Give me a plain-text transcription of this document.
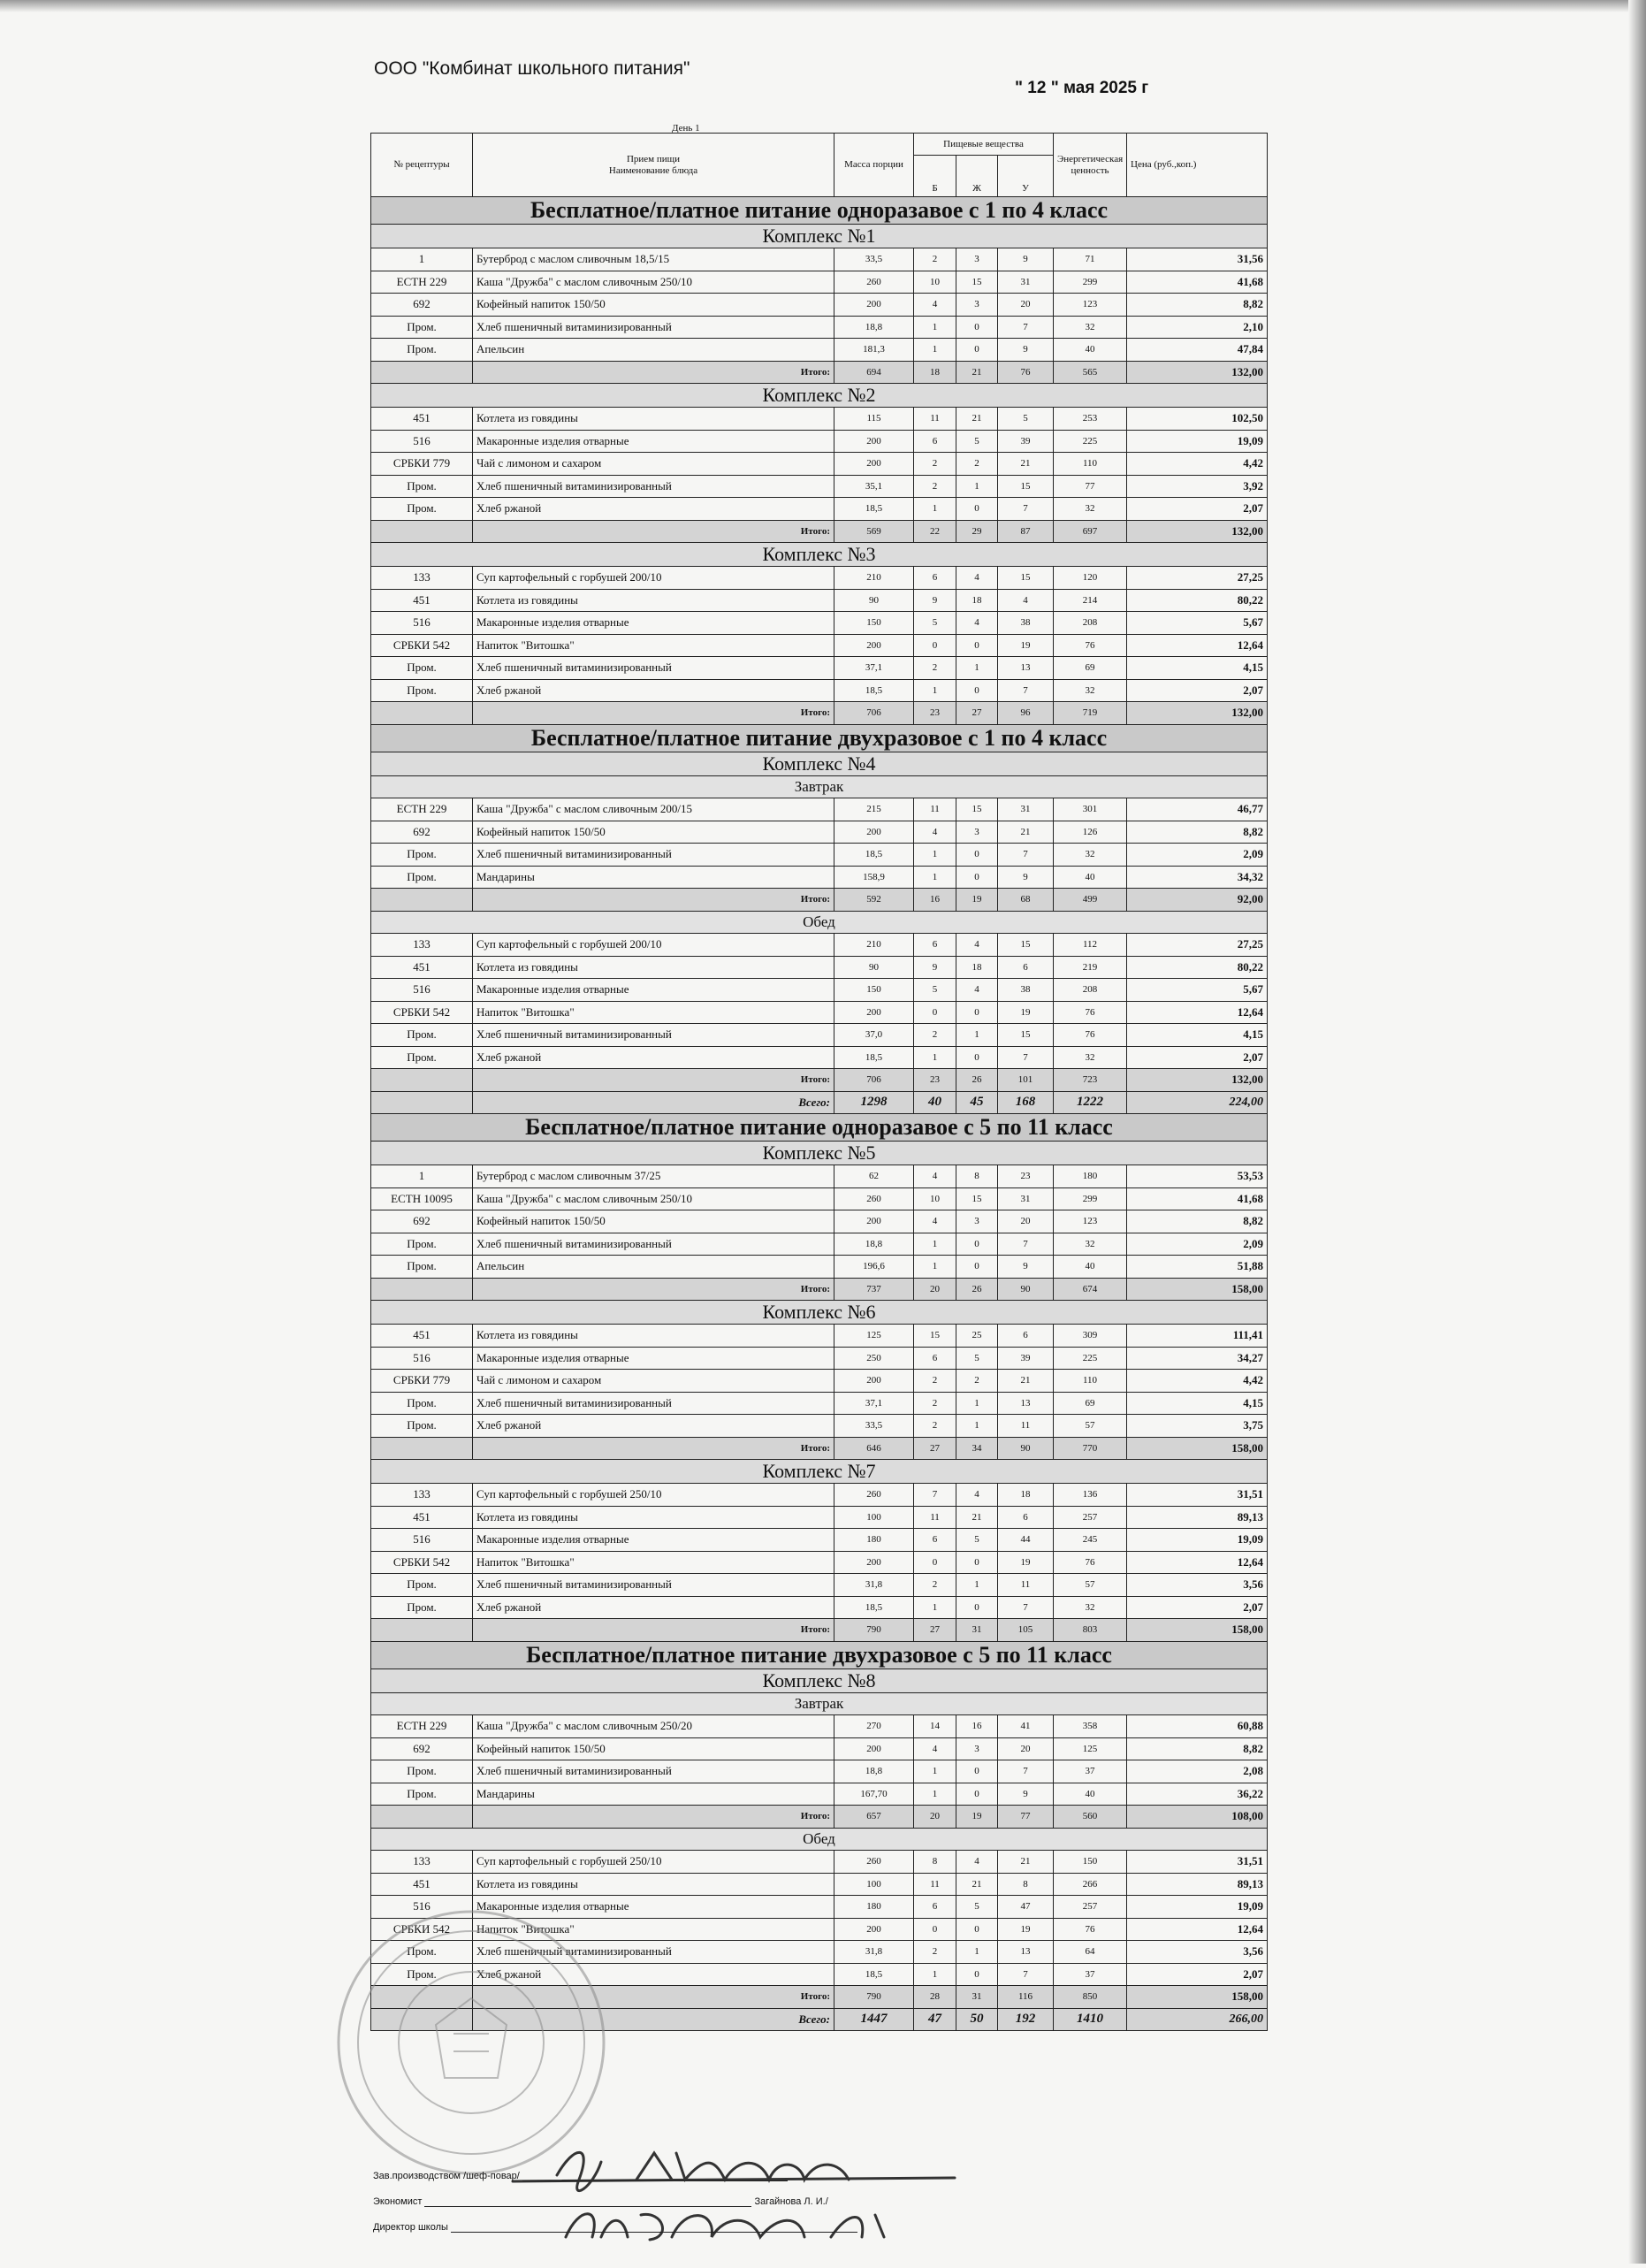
ООО "Комбинат школьного питания"
" 12 " мая 2025 г
День 1
№ рецептуры	Прием пищи
Наименование блюда	Масса порции	Пищевые вещества			Энергетическая ценность	Цена (руб.,коп.)
			Б	Ж	У		
Бесплатное/платное питание одноразавое с 1 по 4 класс							
Комплекс №1							
1	Бутерброд с маслом сливочным 18,5/15	33,5	2	3	9	71	31,56
ЕСТН 229	Каша "Дружба" с маслом сливочным 250/10	260	10	15	31	299	41,68
692	Кофейный напиток 150/50	200	4	3	20	123	8,82
Пром.	Хлеб пшеничный витаминизированный	18,8	1	0	7	32	2,10
Пром.	Апельсин	181,3	1	0	9	40	47,84
	Итого:	694	18	21	76	565	132,00
Комплекс №2							
451	Котлета из говядины	115	11	21	5	253	102,50
516	Макаронные изделия отварные	200	6	5	39	225	19,09
СРБКИ 779	Чай с лимоном и сахаром	200	2	2	21	110	4,42
Пром.	Хлеб пшеничный витаминизированный	35,1	2	1	15	77	3,92
Пром.	Хлеб ржаной	18,5	1	0	7	32	2,07
	Итого:	569	22	29	87	697	132,00
Комплекс №3							
133	Суп картофельный с горбушей 200/10	210	6	4	15	120	27,25
451	Котлета из говядины	90	9	18	4	214	80,22
516	Макаронные изделия отварные	150	5	4	38	208	5,67
СРБКИ 542	Напиток "Витошка"	200	0	0	19	76	12,64
Пром.	Хлеб пшеничный витаминизированный	37,1	2	1	13	69	4,15
Пром.	Хлеб ржаной	18,5	1	0	7	32	2,07
	Итого:	706	23	27	96	719	132,00
Бесплатное/платное питание двухразовое с 1 по 4 класс							
Комплекс №4							
Завтрак							
ЕСТН 229	Каша "Дружба" с маслом сливочным 200/15	215	11	15	31	301	46,77
692	Кофейный напиток 150/50	200	4	3	21	126	8,82
Пром.	Хлеб пшеничный витаминизированный	18,5	1	0	7	32	2,09
Пром.	Мандарины	158,9	1	0	9	40	34,32
	Итого:	592	16	19	68	499	92,00
Обед							
133	Суп картофельный с горбушей 200/10	210	6	4	15	112	27,25
451	Котлета из говядины	90	9	18	6	219	80,22
516	Макаронные изделия отварные	150	5	4	38	208	5,67
СРБКИ 542	Напиток "Витошка"	200	0	0	19	76	12,64
Пром.	Хлеб пшеничный витаминизированный	37,0	2	1	15	76	4,15
Пром.	Хлеб ржаной	18,5	1	0	7	32	2,07
	Итого:	706	23	26	101	723	132,00
	Всего:	1298	40	45	168	1222	224,00
Бесплатное/платное питание одноразавое с 5 по 11 класс							
Комплекс №5							
1	Бутерброд с маслом сливочным 37/25	62	4	8	23	180	53,53
ЕСТН 10095	Каша "Дружба" с маслом сливочным 250/10	260	10	15	31	299	41,68
692	Кофейный напиток 150/50	200	4	3	20	123	8,82
Пром.	Хлеб пшеничный витаминизированный	18,8	1	0	7	32	2,09
Пром.	Апельсин	196,6	1	0	9	40	51,88
	Итого:	737	20	26	90	674	158,00
Комплекс №6							
451	Котлета из говядины	125	15	25	6	309	111,41
516	Макаронные изделия отварные	250	6	5	39	225	34,27
СРБКИ 779	Чай с лимоном и сахаром	200	2	2	21	110	4,42
Пром.	Хлеб пшеничный витаминизированный	37,1	2	1	13	69	4,15
Пром.	Хлеб ржаной	33,5	2	1	11	57	3,75
	Итого:	646	27	34	90	770	158,00
Комплекс №7							
133	Суп картофельный с горбушей 250/10	260	7	4	18	136	31,51
451	Котлета из говядины	100	11	21	6	257	89,13
516	Макаронные изделия отварные	180	6	5	44	245	19,09
СРБКИ 542	Напиток "Витошка"	200	0	0	19	76	12,64
Пром.	Хлеб пшеничный витаминизированный	31,8	2	1	11	57	3,56
Пром.	Хлеб ржаной	18,5	1	0	7	32	2,07
	Итого:	790	27	31	105	803	158,00
Бесплатное/платное питание двухразовое с 5 по 11 класс							
Комплекс №8							
Завтрак							
ЕСТН 229	Каша "Дружба" с маслом сливочным 250/20	270	14	16	41	358	60,88
692	Кофейный напиток 150/50	200	4	3	20	125	8,82
Пром.	Хлеб пшеничный витаминизированный	18,8	1	0	7	37	2,08
Пром.	Мандарины	167,70	1	0	9	40	36,22
	Итого:	657	20	19	77	560	108,00
Обед							
133	Суп картофельный с горбушей 250/10	260	8	4	21	150	31,51
451	Котлета из говядины	100	11	21	8	266	89,13
516	Макаронные изделия отварные	180	6	5	47	257	19,09
СРБКИ 542	Напиток "Витошка"	200	0	0	19	76	12,64
Пром.	Хлеб пшеничный витаминизированный	31,8	2	1	13	64	3,56
Пром.	Хлеб ржаной	18,5	1	0	7	37	2,07
	Итого:	790	28	31	116	850	158,00
	Всего:	1447	47	50	192	1410	266,00
Зав.производством /шеф-повар/
Экономист	Загайнова Л. И./
Директор школы
